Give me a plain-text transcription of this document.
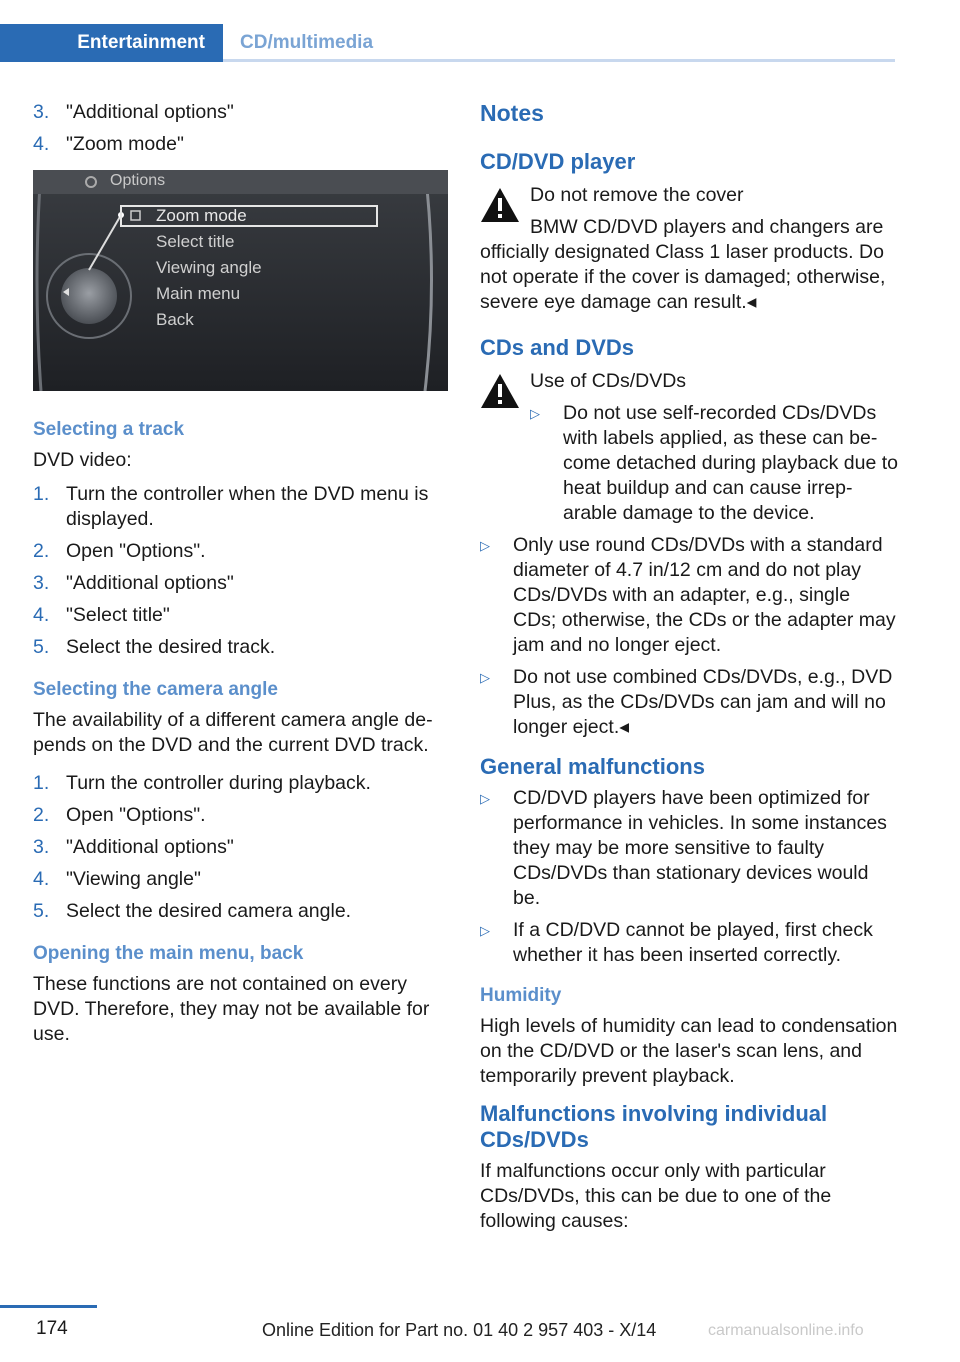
Entertainment	CD/multimedia
3. "Additional options"
4. "Zoom mode"
Options
Zoom mode
Select title
Viewing angle
Main menu
Back
Selecting a track

DVD video:

1. Turn the controller when the DVD menu is displayed.
2. Open "Options".
3. "Additional options"
4. "Select title"
5. Select the desired track.
Selecting the camera angle

The availability of a different camera angle depends on the DVD and the current DVD track.

1. Turn the controller during playback.
2. Open "Options".
3. "Additional options"
4. "Viewing angle"
5. Select the desired camera angle.
Opening the main menu, back

These functions are not contained on every DVD. Therefore, they may not be available for use.

Notes
CD/DVD player

Do not remove the cover

BMW CD/DVD players and changers are officially designated Class 1 laser products. Do not operate if the cover is damaged; otherwise, severe eye damage can result.◂

CDs and DVDs

Use of CDs/DVDs

▷ Do not use self-recorded CDs/DVDs with labels applied, as these can become detached during playback due to heat buildup and can cause irreparable damage to the device.
▷ Only use round CDs/DVDs with a standard diameter of 4.7 in/12 cm and do not play CDs/DVDs with an adapter, e.g., single CDs; otherwise, the CDs or the adapter may jam and no longer eject.
▷ Do not use combined CDs/DVDs, e.g., DVD Plus, as the CDs/DVDs can jam and will no longer eject.◂
General malfunctions
▷ CD/DVD players have been optimized for performance in vehicles. In some instances they may be more sensitive to faulty CDs/DVDs than stationary devices would be.
▷ If a CD/DVD cannot be played, first check whether it has been inserted correctly.
Humidity

High levels of humidity can lead to condensation on the CD/DVD or the laser's scan lens, and temporarily prevent playback.

Malfunctions involving individual CDs/DVDs

If malfunctions occur only with particular CDs/DVDs, this can be due to one of the following causes:

174	Online Edition for Part no. 01 40 2 957 403 - X/14	carmanualsonline.info
